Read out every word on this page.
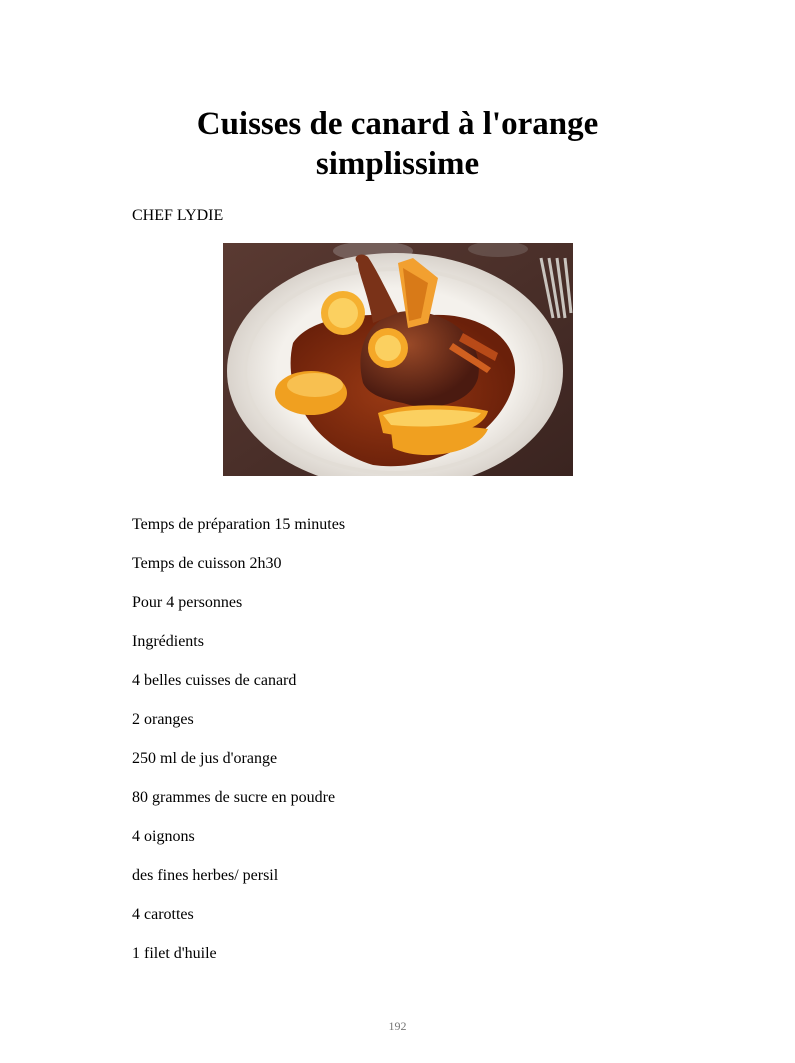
Cuisses de canard à l'orange
simplissime
CHEF LYDIE
Temps de préparation 15 minutes
Temps de cuisson 2h30
Pour 4 personnes
Ingrédients
4 belles cuisses de canard
2 oranges
250 ml de jus d'orange
80 grammes de sucre en poudre
4 oignons
des fines herbes/ persil
4 carottes
1 filet d'huile
192
